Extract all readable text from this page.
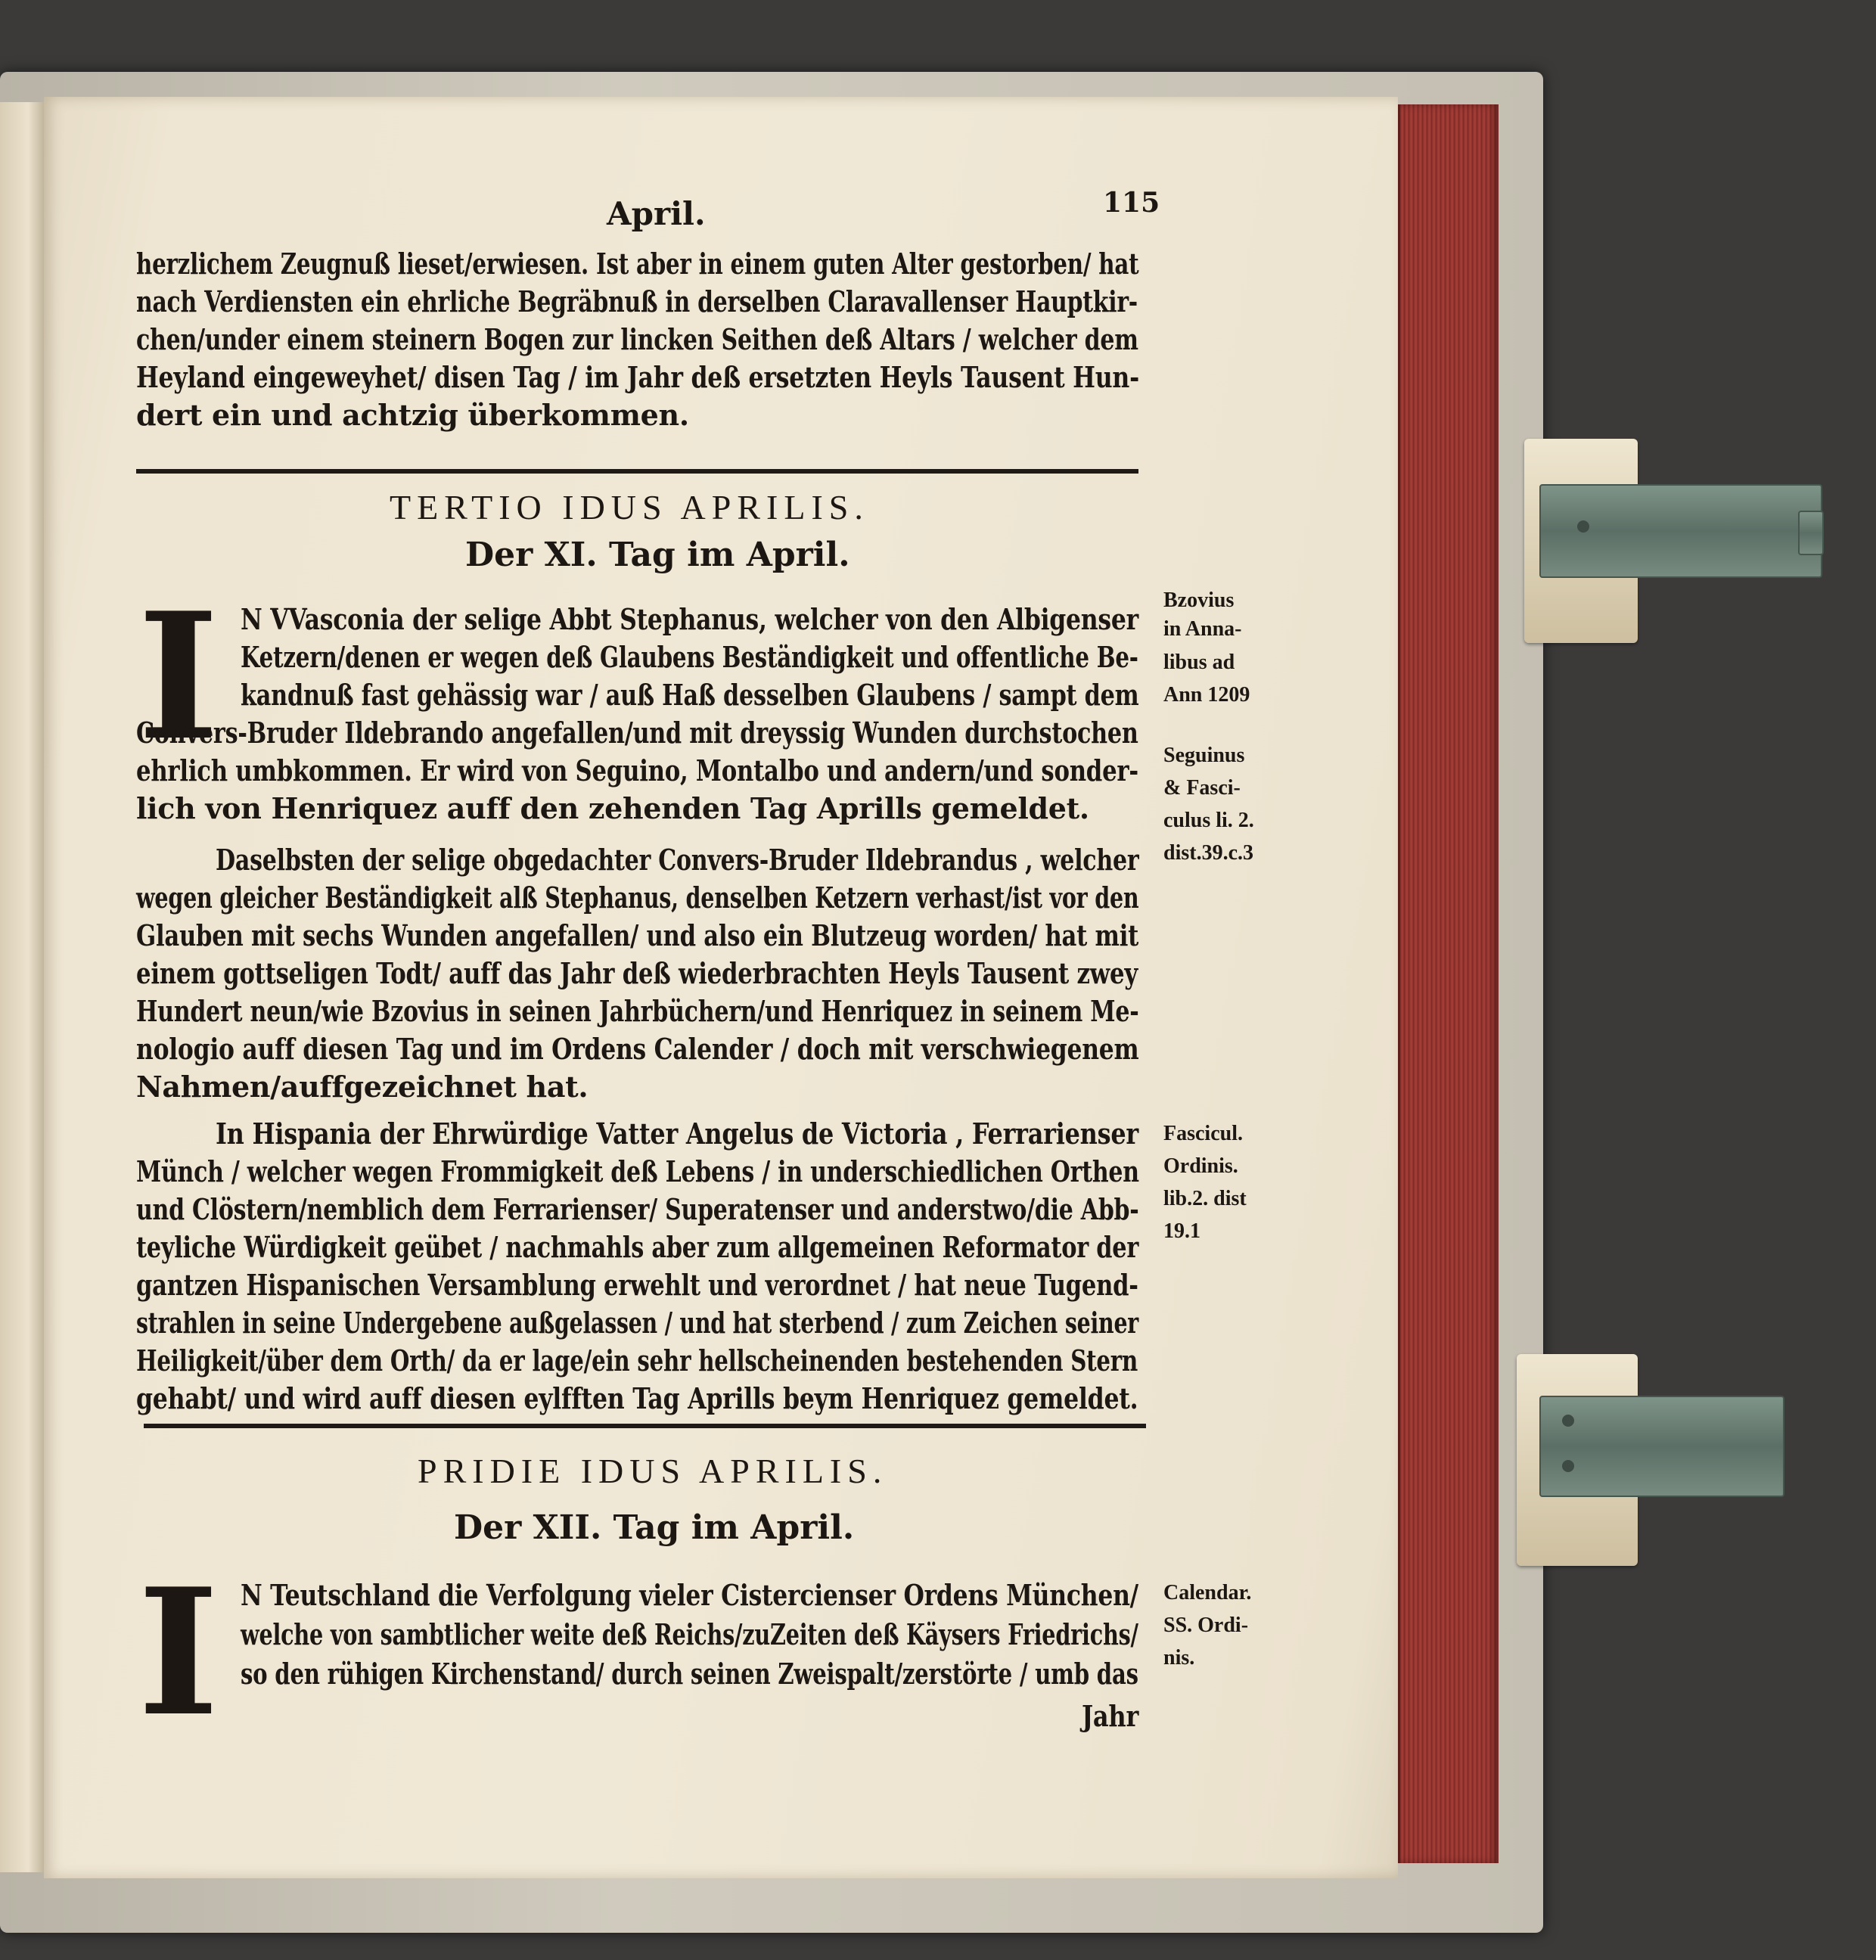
April.	115
herzlichem Zeugnuß lieset/erwiesen. Ist aber in einem guten Alter gestorben/ hat
nach Verdiensten ein ehrliche Begräbnuß in derselben Claravallenser Hauptkir-
chen/under einem steinern Bogen zur lincken Seithen deß Altars / welcher dem
Heyland eingeweyhet/ disen Tag / im Jahr deß ersetzten Heyls Tausent Hun-
dert ein und achtzig überkommen.
TERTIO IDUS APRILIS.
Der XI. Tag im April.
I N VVasconia der selige Abbt Stephanus, welcher von den Albigenser
Ketzern/denen er wegen deß Glaubens Beständigkeit und offentliche Be-
kandnuß fast gehässig war / auß Haß desselben Glaubens / sampt dem
Convers-Bruder Ildebrando angefallen/und mit dreyssig Wunden durchstochen
ehrlich umbkommen. Er wird von Seguino, Montalbo und andern/und sonder-
lich von Henriquez auff den zehenden Tag Aprills gemeldet.
Daselbsten der selige obgedachter Convers-Bruder Ildebrandus , welcher
wegen gleicher Beständigkeit alß Stephanus, denselben Ketzern verhast/ist vor den
Glauben mit sechs Wunden angefallen/ und also ein Blutzeug worden/ hat mit
einem gottseligen Todt/ auff das Jahr deß wiederbrachten Heyls Tausent zwey
Hundert neun/wie Bzovius in seinen Jahrbüchern/und Henriquez in seinem Me-
nologio auff diesen Tag und im Ordens Calender / doch mit verschwiegenem
Nahmen/auffgezeichnet hat.
In Hispania der Ehrwürdige Vatter Angelus de Victoria , Ferrarienser
Münch / welcher wegen Frommigkeit deß Lebens / in underschiedlichen Orthen
und Clöstern/nemblich dem Ferrarienser/ Superatenser und anderstwo/die Abb-
teyliche Würdigkeit geübet / nachmahls aber zum allgemeinen Reformator der
gantzen Hispanischen Versamblung erwehlt und verordnet / hat neue Tugend-
strahlen in seine Undergebene außgelassen / und hat sterbend / zum Zeichen seiner
Heiligkeit/über dem Orth/ da er lage/ein sehr hellscheinenden bestehenden Stern
gehabt/ und wird auff diesen eylfften Tag Aprills beym Henriquez gemeldet.
Bzovius
in Anna-
libus ad
Ann 1209
Seguinus
& Fasci-
culus li. 2.
dist.39.c.3
Fascicul.
Ordinis.
lib.2. dist
19.1
PRIDIE IDUS APRILIS.
Der XII. Tag im April.
I N Teutschland die Verfolgung vieler Cistercienser Ordens München/
welche von sambtlicher weite deß Reichs/zuZeiten deß Käysers Friedrichs/
so den rühigen Kirchenstand/ durch seinen Zweispalt/zerstörte / umb das
Jahr
Calendar.
SS. Ordi-
nis.
